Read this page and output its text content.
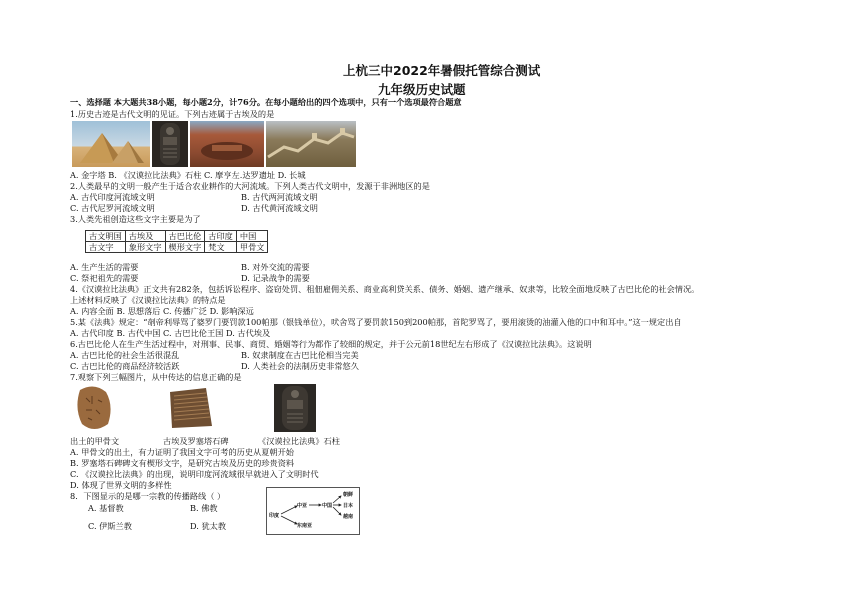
上杭三中2022年暑假托管综合测试
九年级历史试题
一、选择题 本大题共38小题，每小题2分，计76分。在每小题给出的四个选项中，只有一个选项最符合题意
1.历史古迹是古代文明的见证。下列古迹属于古埃及的是
A. 金字塔 B. 《汉谟拉比法典》石柱 C. 摩亨左.达罗遗址 D. 长城
2.人类最早的文明一般产生于适合农业耕作的大河流域。下列人类古代文明中，发源于非洲地区的是
A. 古代印度河流域文明	B. 古代两河流域文明
C. 古代尼罗河流域文明	D. 古代黄河流域文明
3.人类先祖创造这些文字主要是为了
古文明国	古埃及	古巴比伦	古印度	中国
古文字	象形文字	楔形文字	梵文	甲骨文
A. 生产生活的需要	B. 对外交流的需要
C. 祭祀祖先的需要	D. 记录战争的需要
4.《汉谟拉比法典》正文共有282条，包括诉讼程序、盗窃处罚、租佃雇佣关系、商业高利贷关系、债务、婚姻、遗产继承、奴隶等，比较全面地反映了古巴比伦的社会情况。
上述材料反映了《汉谟拉比法典》的特点是
A. 内容全面 B. 思想落后 C. 传播广泛 D. 影响深远
5.某《法典》规定：“剞帝利辱骂了婆罗门要罚款100帕那（银钱单位），吠舍骂了要罚款150到200帕那，首陀罗骂了，要用滚烫的油灌入他的口中和耳中。”这一规定出自
A. 古代印度 B. 古代中国 C. 古巴比伦王国 D. 古代埃及
6.古巴比伦人在生产生活过程中，对刑事、民事、商贸、婚姻等行为都作了较细的规定，并于公元前18世纪左右形成了《汉谟拉比法典》。这说明
A. 古巴比伦的社会生活很混乱	B. 奴隶制度在古巴比伦相当完美
C. 古巴比伦的商品经济较活跃	D. 人类社会的法制历史非常悠久
7.观察下列三幅图片，从中传达的信息正确的是
出土的甲骨文	古埃及罗塞塔石碑	《汉谟拉比法典》石柱
A. 甲骨文的出土，有力证明了我国文字可考的历史从夏朝开始
B. 罗塞塔石碑碑文有楔形文字，是研究古埃及历史的珍贵资料
C. 《汉谟拉比法典》的出现，说明印度河流域很早就进入了文明时代
D. 体现了世界文明的多样性
8．下图显示的是哪一宗教的传播路线（ ）
A. 基督教	B. 佛教
C. 伊斯兰教	D. 犹太教
印度
中亚	中国
朝鲜
日本
越南
东南亚
